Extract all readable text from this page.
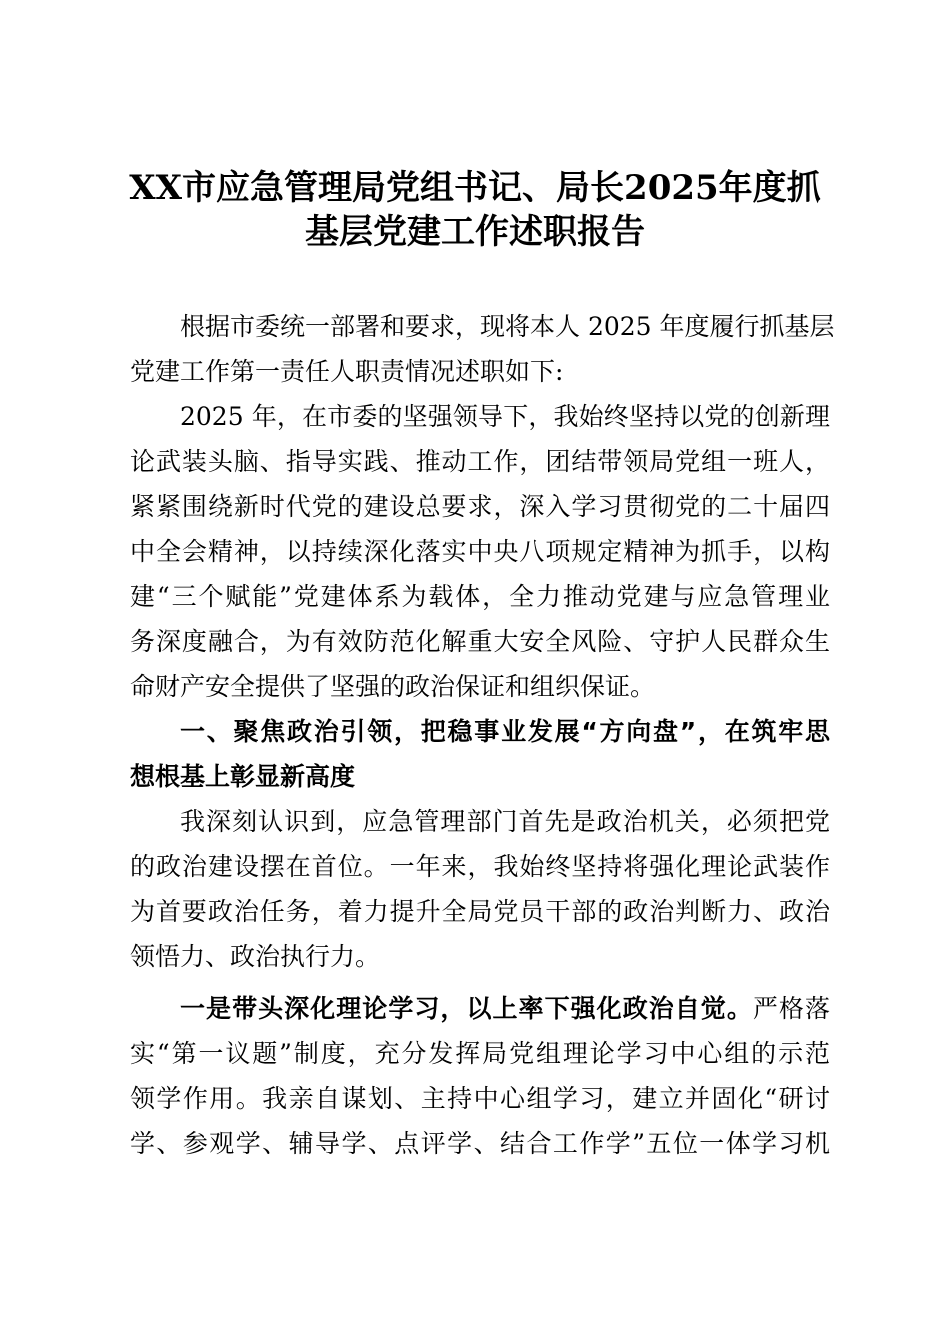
XX市应急管理局党组书记、局长2025年度抓
基层党建工作述职报告
根据市委统一部署和要求，现将本人 2025 年度履行抓基层
党建工作第一责任人职责情况述职如下:
2025 年，在市委的坚强领导下，我始终坚持以党的创新理
论武装头脑、指导实践、推动工作，团结带领局党组一班人，
紧紧围绕新时代党的建设总要求，深入学习贯彻党的二十届四
中全会精神，以持续深化落实中央八项规定精神为抓手，以构
建“三个赋能”党建体系为载体，全力推动党建与应急管理业
务深度融合，为有效防范化解重大安全风险、守护人民群众生
命财产安全提供了坚强的政治保证和组织保证。
一、聚焦政治引领，把稳事业发展“方向盘”，在筑牢思
想根基上彰显新高度
我深刻认识到，应急管理部门首先是政治机关，必须把党
的政治建设摆在首位。一年来，我始终坚持将强化理论武装作
为首要政治任务，着力提升全局党员干部的政治判断力、政治
领悟力、政治执行力。
一是带头深化理论学习，以上率下强化政治自觉。严格落
实“第一议题”制度，充分发挥局党组理论学习中心组的示范
领学作用。我亲自谋划、主持中心组学习，建立并固化“研讨
学、参观学、辅导学、点评学、结合工作学”五位一体学习机
